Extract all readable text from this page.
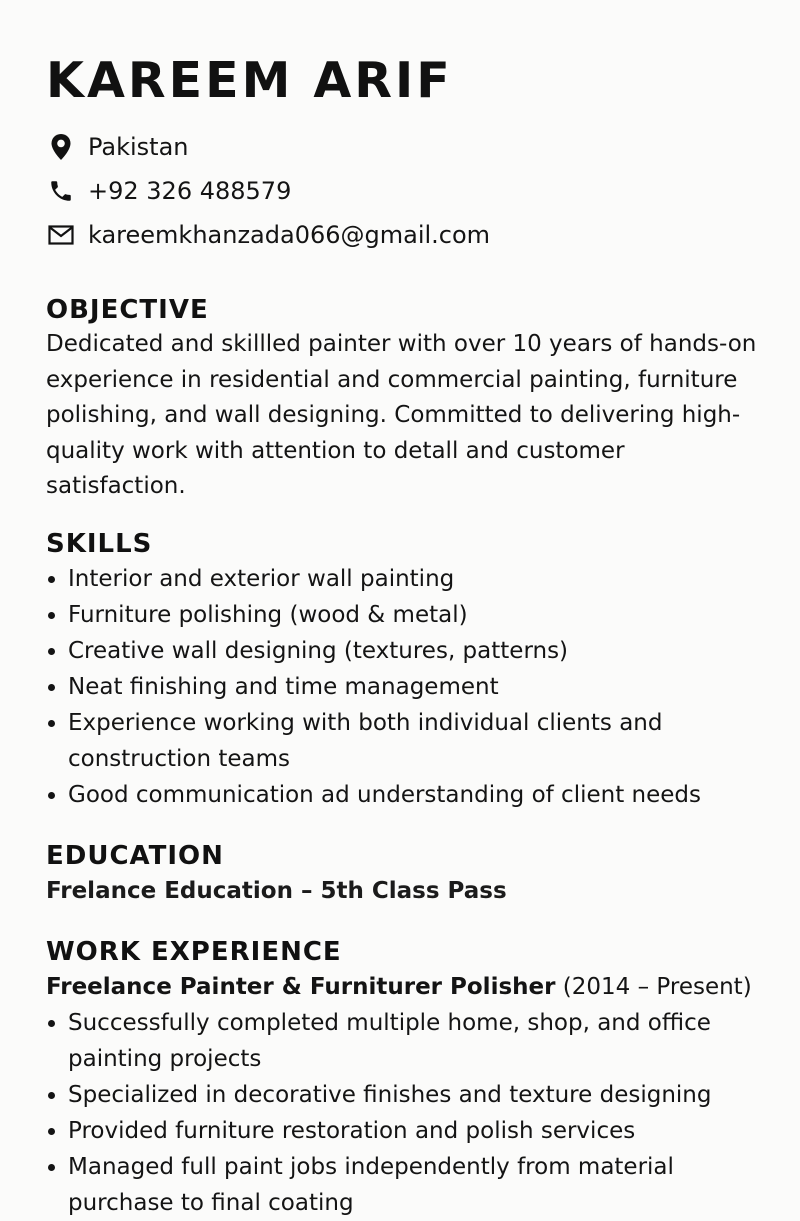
KAREEM ARIF
Pakistan
+92 326 488579
kareemkhanzada066@gmail.com
OBJECTIVE

Dedicated and skillled painter with over 10 years of hands-on

experience in residential and commercial painting, furniture

polishing, and wall designing. Committed to delivering high-

quality work with attention to detall and customer satisfaction.

SKILLS
Interior and exterior wall painting
Furniture polishing (wood & metal)
Creative wall designing (textures, patterns)
Neat finishing and time management
Experience working with both individual clients and construction teams
Good communication ad understanding of client needs
EDUCATION
Frelance Education – 5th Class Pass
WORK EXPERIENCE
Freelance Painter & Furniturer Polisher (2014 – Present)
Successfully completed multiple home, shop, and office painting projects
Specialized in decorative finishes and texture designing
Provided furniture restoration and polish services
Managed full paint jobs independently from material purchase to final coating
